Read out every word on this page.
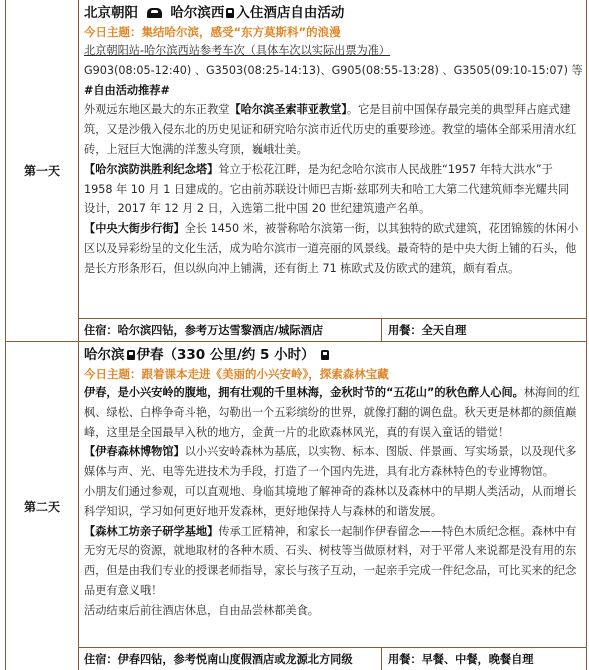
第一天
北京朝阳 哈尔滨西 入住酒店自由活动
今日主题：集结哈尔滨，感受“东方莫斯科”的浪漫

北京朝阳站-哈尔滨西站参考车次（具体车次以实际出票为准）

G903(08:05-12:40) 、G3503(08:25-14:13)、G905(08:55-13:28) 、G3505(09:10-15:07) 等

#自由活动推荐#

外观远东地区最大的东正教堂【哈尔滨圣索菲亚教堂】。它是目前中国保存最完美的典型拜占庭式建筑，又是沙俄入侵东北的历史见证和研究哈尔滨市近代历史的重要珍迹。教堂的墙体全部采用清水红砖，上冠巨大饱满的洋葱头穹顶，巍峨壮美。

【哈尔滨防洪胜利纪念塔】耸立于松花江畔，是为纪念哈尔滨市人民战胜“1957 年特大洪水”于 1958 年 10 月 1 日建成的。它由前苏联设计师巴吉斯·兹耶列夫和哈工大第二代建筑师李光耀共同设计，2017 年 12 月 2 日，入选第二批中国 20 世纪建筑遗产名单。

【中央大街步行街】全长 1450 米，被誉称哈尔滨第一街，以其独特的欧式建筑，花团锦簇的休闲小区以及异彩纷呈的文化生活，成为哈尔滨市一道亮丽的风景线。最奇特的是中央大街上铺的石头，他是长方形条形石，但以纵向冲上铺满，还有街上 71 栋欧式及仿欧式的建筑，颇有看点。

住宿：哈尔滨四钻，参考万达雪黎酒店/城际酒店	用餐：全天自理
第二天
哈尔滨 伊春（330 公里/约 5 小时）
今日主题：跟着课本走进《美丽的小兴安岭》，探索森林宝藏

伊春，是小兴安岭的腹地，拥有壮观的千里林海，金秋时节的“五花山”的秋色醉人心间。林海间的红枫、绿松、白桦争奇斗艳，勾勒出一个五彩缤纷的世界，就像打翻的调色盘。秋天更是林都的颜值巅峰，这里是全国最早入秋的地方，金黄一片的北欧森林风光，真的有误入童话的错觉！

【伊春森林博物馆】以小兴安岭森林为基底，以实物、标本、图版、伴景画、写实场景，以及现代多媒体与声、光、电等先进技术为手段，打造了一个国内先进，具有北方森林特色的专业博物馆。

小朋友们通过参观，可以直观地、身临其境地了解神奇的森林以及森林中的早期人类活动，从而增长科学知识，学习如何更好地开发森林，更好地保持人与森林的和谐发展。

【森林工坊亲子研学基地】传承工匠精神，和家长一起制作伊春留念——特色木质纪念框。森林中有无穷无尽的资源，就地取材的各种木质、石头、树枝等当做原材料，对于平常人来说都是没有用的东西，但是由我们专业的授课老师指导，家长与孩子互动，一起亲手完成一件纪念品，可比买来的纪念品更有意义哦！

活动结束后前往酒店休息，自由品尝林都美食。

住宿：伊春四钻，参考悦南山度假酒店或龙源北方同级	用餐：早餐、中餐，晚餐自理
